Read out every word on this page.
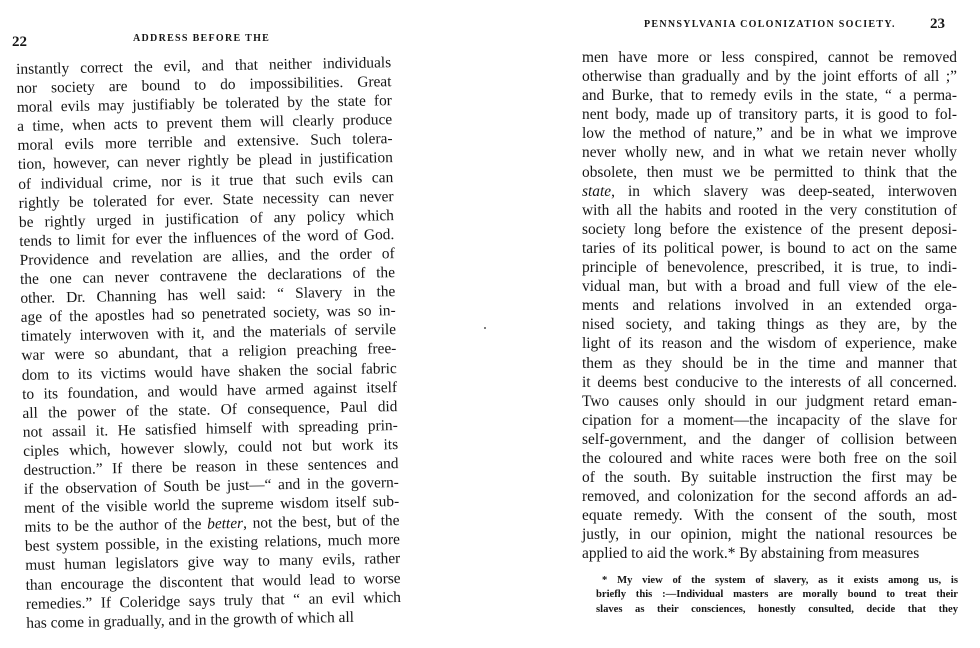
22	ADDRESS BEFORE THE
instantly correct the evil, and that neither individuals
nor society are bound to do impossibilities. Great
moral evils may justifiably be tolerated by the state for
a time, when acts to prevent them will clearly produce
moral evils more terrible and extensive. Such tolera-
tion, however, can never rightly be plead in justification
of individual crime, nor is it true that such evils can
rightly be tolerated for ever. State necessity can never
be rightly urged in justification of any policy which
tends to limit for ever the influences of the word of God.
Providence and revelation are allies, and the order of
the one can never contravene the declarations of the
other. Dr. Channing has well said: “ Slavery in the
age of the apostles had so penetrated society, was so in-
timately interwoven with it, and the materials of servile
war were so abundant, that a religion preaching free-
dom to its victims would have shaken the social fabric
to its foundation, and would have armed against itself
all the power of the state. Of consequence, Paul did
not assail it. He satisfied himself with spreading prin-
ciples which, however slowly, could not but work its
destruction.” If there be reason in these sentences and
if the observation of South be just—“ and in the govern-
ment of the visible world the supreme wisdom itself sub-
mits to be the author of the better, not the best, but of the
best system possible, in the existing relations, much more
must human legislators give way to many evils, rather
than encourage the discontent that would lead to worse
remedies.” If Coleridge says truly that “ an evil which
has come in gradually, and in the growth of which all
PENNSYLVANIA COLONIZATION SOCIETY. 23
men have more or less conspired, cannot be removed
otherwise than gradually and by the joint efforts of all ;”
and Burke, that to remedy evils in the state, “ a perma-
nent body, made up of transitory parts, it is good to fol-
low the method of nature,” and be in what we improve
never wholly new, and in what we retain never wholly
obsolete, then must we be permitted to think that the
state, in which slavery was deep-seated, interwoven
with all the habits and rooted in the very constitution of
society long before the existence of the present deposi-
taries of its political power, is bound to act on the same
principle of benevolence, prescribed, it is true, to indi-
vidual man, but with a broad and full view of the ele-
ments and relations involved in an extended orga-
nised society, and taking things as they are, by the
light of its reason and the wisdom of experience, make
them as they should be in the time and manner that
it deems best conducive to the interests of all concerned.
Two causes only should in our judgment retard eman-
cipation for a moment—the incapacity of the slave for
self-government, and the danger of collision between
the coloured and white races were both free on the soil
of the south. By suitable instruction the first may be
removed, and colonization for the second affords an ad-
equate remedy. With the consent of the south, most
justly, in our opinion, might the national resources be
applied to aid the work.* By abstaining from measures
* My view of the system of slavery, as it exists among us, is
briefly this :—Individual masters are morally bound to treat their
slaves as their consciences, honestly consulted, decide that they
